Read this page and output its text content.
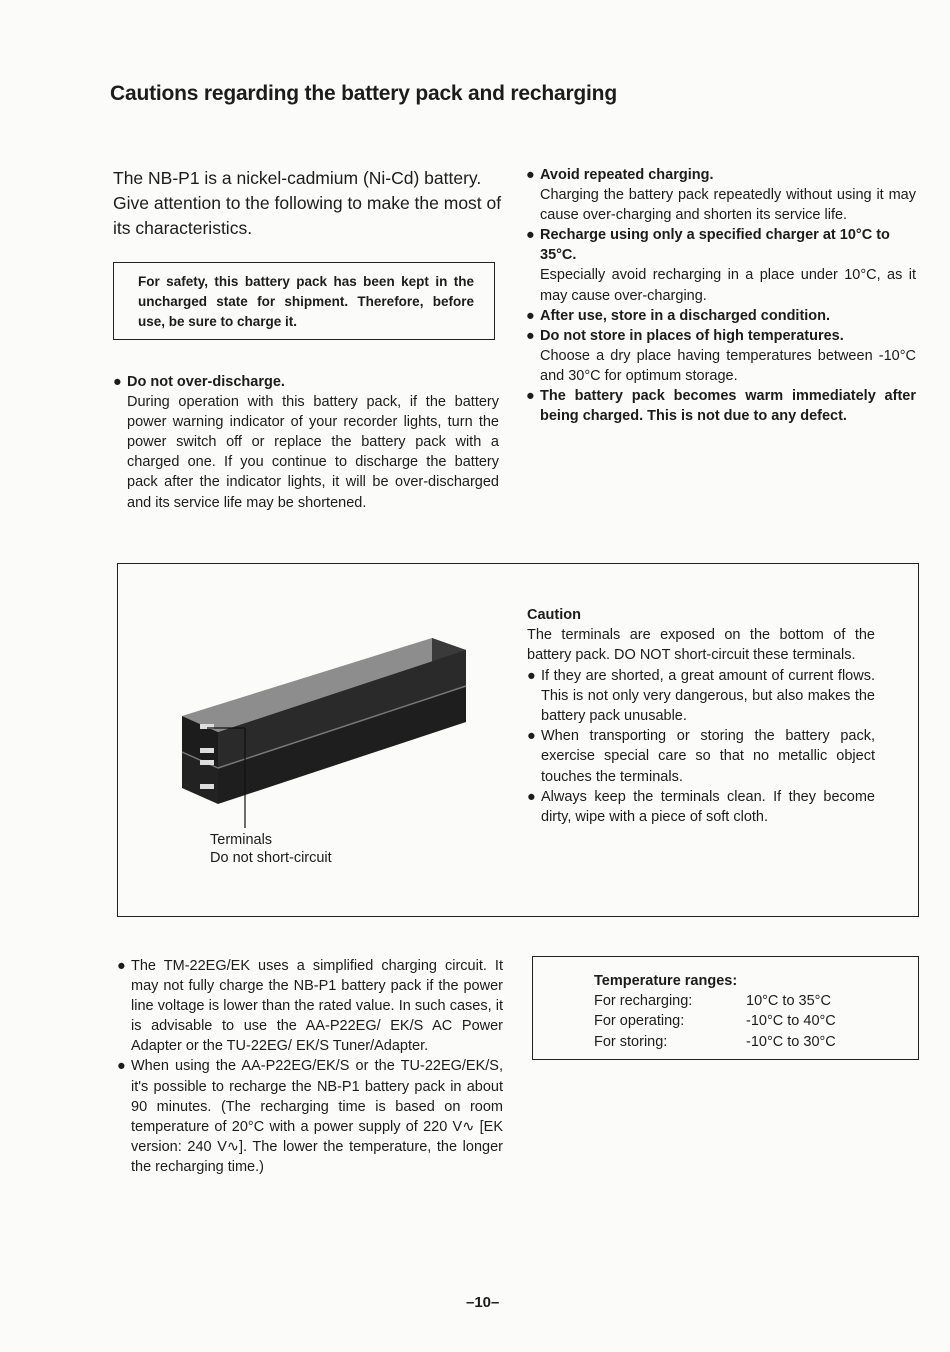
Cautions regarding the battery pack and recharging
The NB-P1 is a nickel-cadmium (Ni-Cd) battery. Give attention to the following to make the most of its characteristics.
For safety, this battery pack has been kept in the uncharged state for shipment. Therefore, before use, be sure to charge it.
● Do not over-discharge.
During operation with this battery pack, if the battery power warning indicator of your recorder lights, turn the power switch off or replace the battery pack with a charged one. If you continue to discharge the battery pack after the indicator lights, it will be over-discharged and its service life may be shortened.
● Avoid repeated charging.
Charging the battery pack repeatedly without using it may cause over-charging and shorten its service life.
● Recharge using only a specified charger at 10°C to 35°C.
Especially avoid recharging in a place under 10°C, as it may cause over-charging.
● After use, store in a discharged condition.
● Do not store in places of high temperatures.
Choose a dry place having temperatures between -10°C and 30°C for optimum storage.
● The battery pack becomes warm immediately after being charged. This is not due to any defect.
Terminals
Do not short-circuit
Caution
The terminals are exposed on the bottom of the battery pack. DO NOT short-circuit these terminals.
● If they are shorted, a great amount of current flows. This is not only very dangerous, but also makes the battery pack unusable.
● When transporting or storing the battery pack, exercise special care so that no metallic object touches the terminals.
● Always keep the terminals clean. If they become dirty, wipe with a piece of soft cloth.
● The TM-22EG/EK uses a simplified charging circuit. It may not fully charge the NB-P1 battery pack if the power line voltage is lower than the rated value. In such cases, it is advisable to use the AA-P22EG/ EK/S AC Power Adapter or the TU-22EG/ EK/S Tuner/Adapter.
● When using the AA-P22EG/EK/S or the TU-22EG/EK/S, it's possible to recharge the NB-P1 battery pack in about 90 minutes. (The recharging time is based on room temperature of 20°C with a power supply of 220 V∿ [EK version: 240 V∿]. The lower the temperature, the longer the recharging time.)
Temperature ranges:
For recharging:	10°C to 35°C
For operating:	-10°C to 40°C
For storing:	-10°C to 30°C
–10–
